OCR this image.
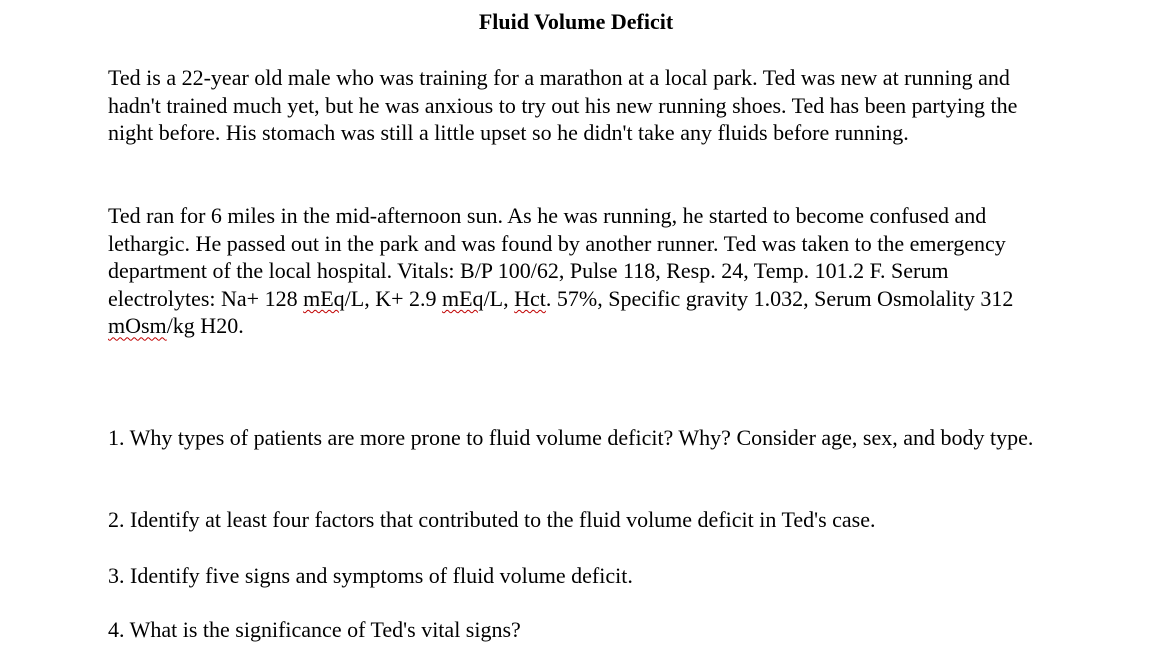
Fluid Volume Deficit

Ted is a 22-year old male who was training for a marathon at a local park. Ted was new at running and hadn't trained much yet, but he was anxious to try out his new running shoes. Ted has been partying the night before. His stomach was still a little upset so he didn't take any fluids before running.

Ted ran for 6 miles in the mid-afternoon sun. As he was running, he started to become confused and lethargic. He passed out in the park and was found by another runner. Ted was taken to the emergency department of the local hospital. Vitals: B/P 100/62, Pulse 118, Resp. 24, Temp. 101.2 F. Serum electrolytes: Na+ 128 mEq/L, K+ 2.9 mEq/L, Hct. 57%, Specific gravity 1.032, Serum Osmolality 312 mOsm/kg H20.

1. Why types of patients are more prone to fluid volume deficit? Why? Consider age, sex, and body type.

2. Identify at least four factors that contributed to the fluid volume deficit in Ted's case.

3. Identify five signs and symptoms of fluid volume deficit.

4. What is the significance of Ted's vital signs?
